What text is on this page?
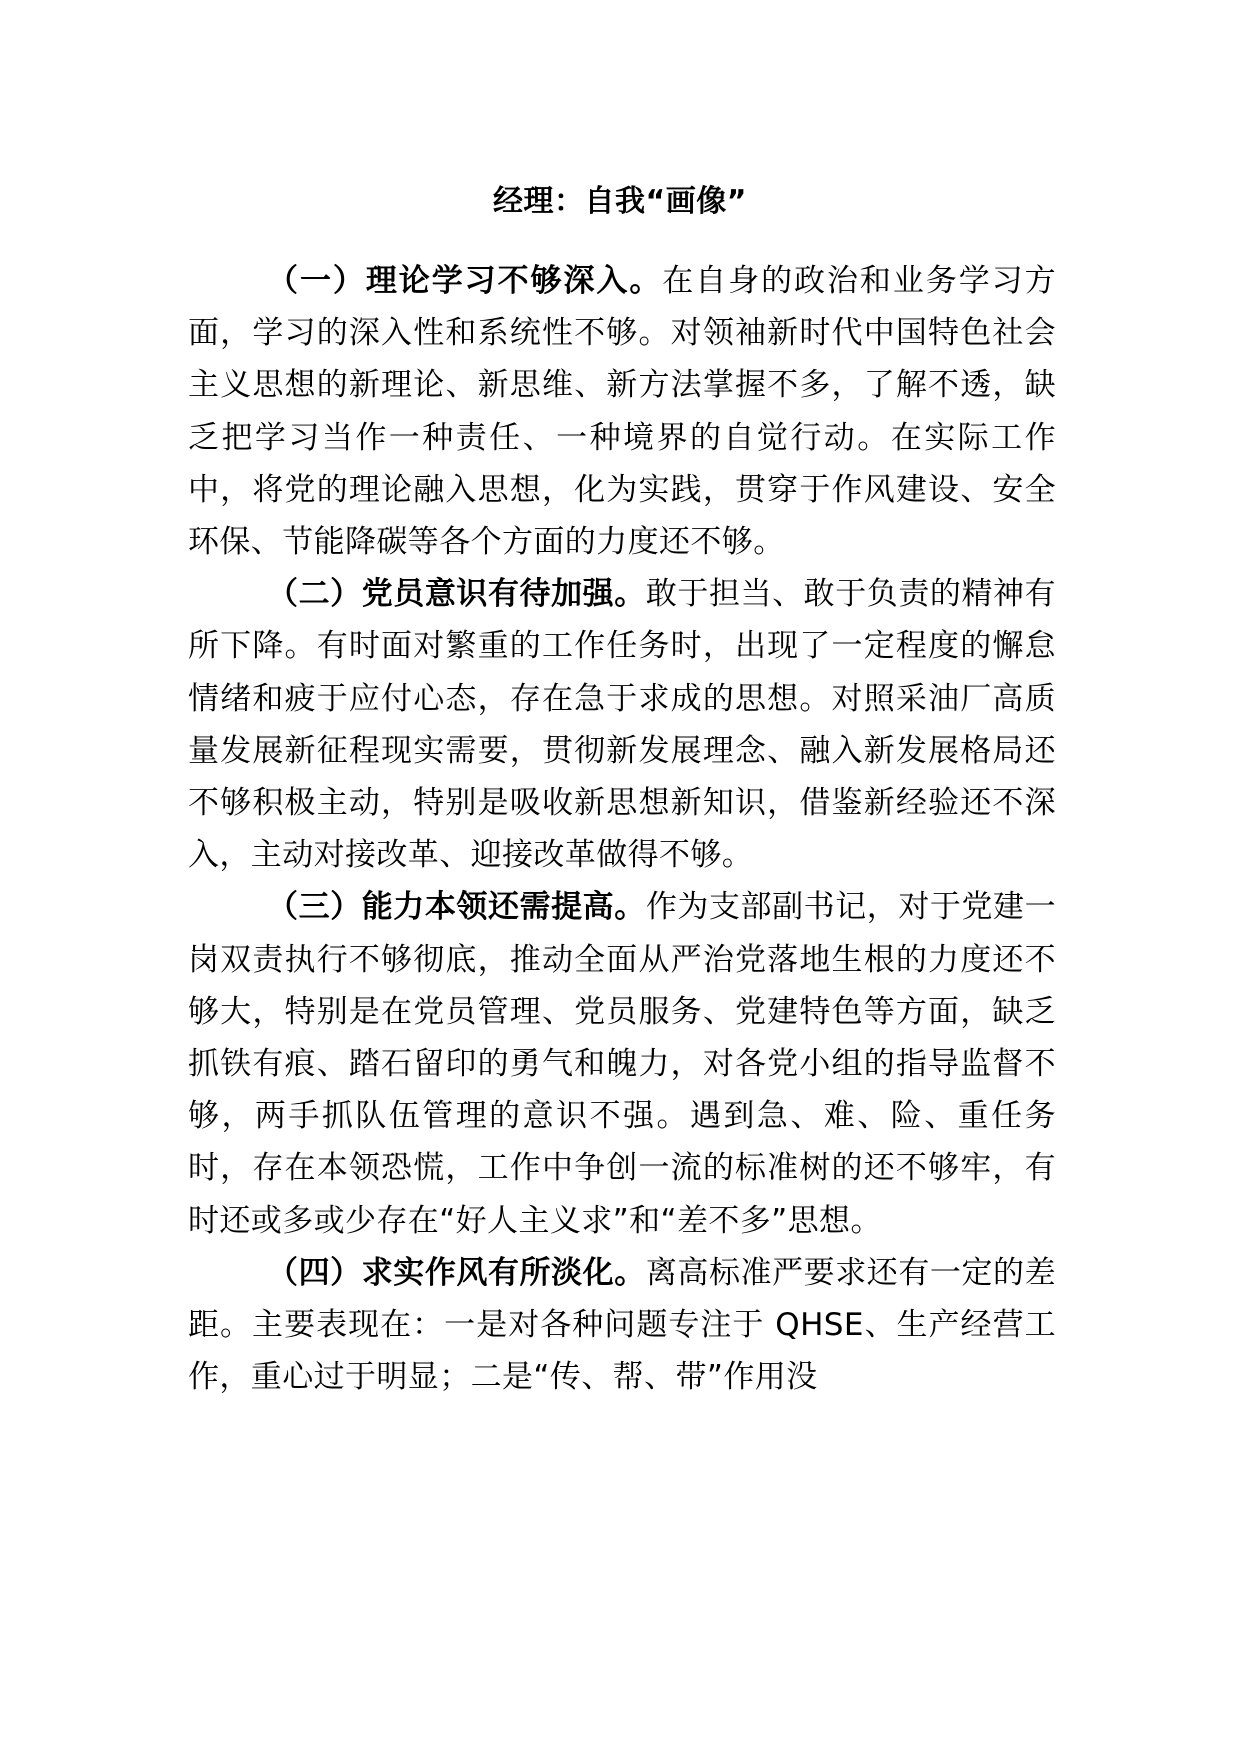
经理：自我“画像”

（一）理论学习不够深入。在自身的政治和业务学习方面，学习的深入性和系统性不够。对领袖新时代中国特色社会主义思想的新理论、新思维、新方法掌握不多，了解不透，缺乏把学习当作一种责任、一种境界的自觉行动。在实际工作中，将党的理论融入思想，化为实践，贯穿于作风建设、安全环保、节能降碳等各个方面的力度还不够。

（二）党员意识有待加强。敢于担当、敢于负责的精神有所下降。有时面对繁重的工作任务时，出现了一定程度的懈怠情绪和疲于应付心态，存在急于求成的思想。对照采油厂高质量发展新征程现实需要，贯彻新发展理念、融入新发展格局还不够积极主动，特别是吸收新思想新知识，借鉴新经验还不深入，主动对接改革、迎接改革做得不够。

（三）能力本领还需提高。作为支部副书记，对于党建一岗双责执行不够彻底，推动全面从严治党落地生根的力度还不够大，特别是在党员管理、党员服务、党建特色等方面，缺乏抓铁有痕、踏石留印的勇气和魄力，对各党小组的指导监督不够，两手抓队伍管理的意识不强。遇到急、难、险、重任务时，存在本领恐慌，工作中争创一流的标准树的还不够牢，有时还或多或少存在“好人主义求”和“差不多”思想。

（四）求实作风有所淡化。离高标准严要求还有一定的差距。主要表现在：一是对各种问题专注于 QHSE、生产经营工作，重心过于明显；二是“传、帮、带”作用没
